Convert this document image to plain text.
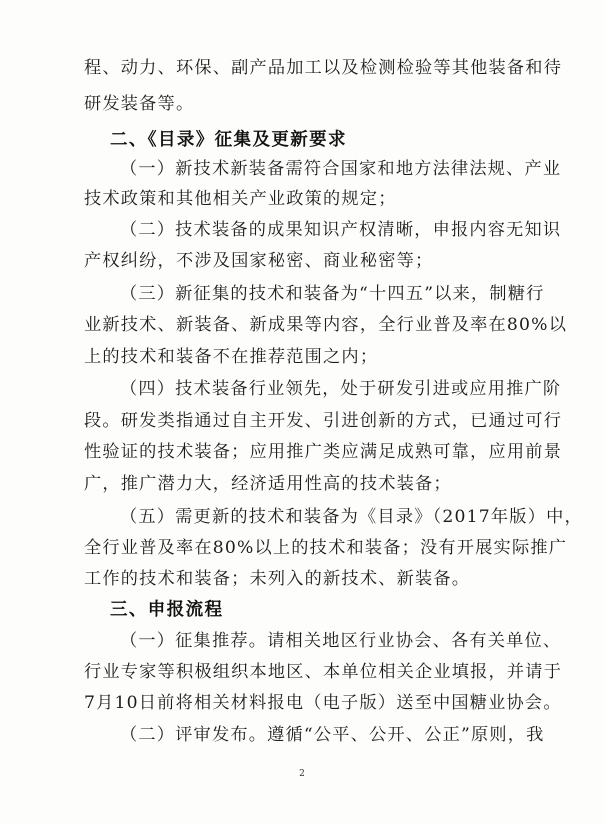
程、动力、环保、副产品加工以及检测检验等其他装备和待
研发装备等。
二、《目录》征集及更新要求
（一）新技术新装备需符合国家和地方法律法规、产业
技术政策和其他相关产业政策的规定；
（二）技术装备的成果知识产权清晰，申报内容无知识
产权纠纷，不涉及国家秘密、商业秘密等；
（三）新征集的技术和装备为“十四五”以来，制糖行
业新技术、新装备、新成果等内容，全行业普及率在80%以
上的技术和装备不在推荐范围之内；
（四）技术装备行业领先，处于研发引进或应用推广阶
段。研发类指通过自主开发、引进创新的方式，已通过可行
性验证的技术装备；应用推广类应满足成熟可靠，应用前景
广，推广潜力大，经济适用性高的技术装备；
（五）需更新的技术和装备为《目录》（2017年版）中，
全行业普及率在80%以上的技术和装备；没有开展实际推广
工作的技术和装备；未列入的新技术、新装备。
三、申报流程
（一）征集推荐。请相关地区行业协会、各有关单位、
行业专家等积极组织本地区、本单位相关企业填报，并请于
7月10日前将相关材料报电（电子版）送至中国糖业协会。
（二）评审发布。遵循“公平、公开、公正”原则，我
2
